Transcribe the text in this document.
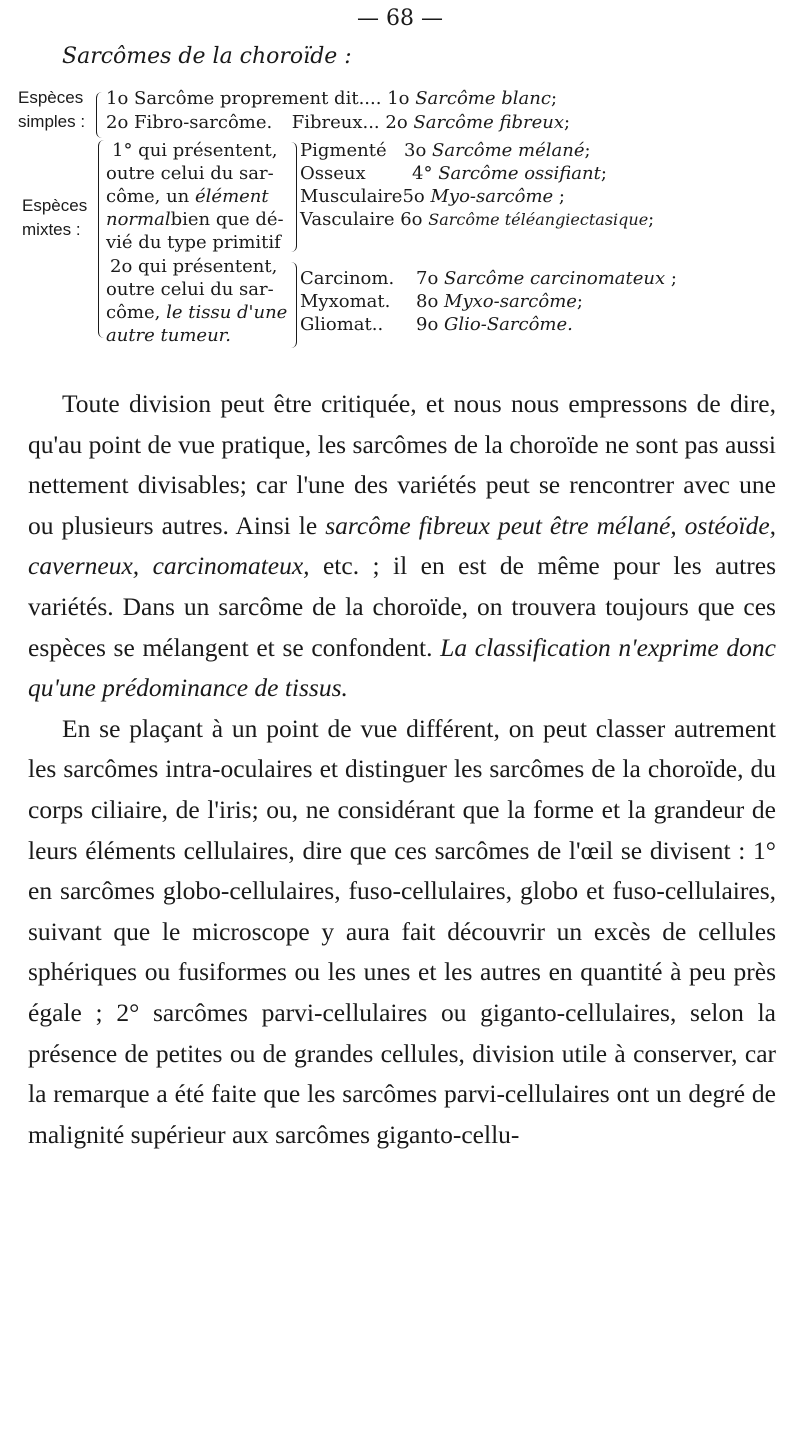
— 68 —
Sarcômes de la choroïde :
Espèces
simples :
1o Sarcôme proprement dit.... 1o Sarcôme blanc;
2o Fibro-sarcôme. Fibreux... 2o Sarcôme fibreux;
Espèces
mixtes :
1° qui présentent,
outre celui du sar-
côme, un élément
normalbien que dé-
vié du type primitif
Pigmenté 3o Sarcôme mélané;
Osseux	4° Sarcôme ossifiant;
Musculaire5o Myo-sarcôme ;
Vasculaire 6o Sarcôme téléangiectasique;
2o qui présentent,
outre celui du sar-
côme, le tissu d'une
autre tumeur.
Carcinom. 7o Sarcôme carcinomateux ;
Myxomat. 8o Myxo-sarcôme;
Gliomat.. 9o Glio-Sarcôme.

Toute division peut être critiquée, et nous nous empressons de dire, qu'au point de vue pratique, les sarcômes de la choroïde ne sont pas aussi nettement divisables; car l'une des variétés peut se rencontrer avec une ou plusieurs autres. Ainsi le sarcôme fibreux peut être mélané, ostéoïde, caverneux, carcinomateux, etc. ; il en est de même pour les autres variétés. Dans un sarcôme de la choroïde, on trouvera toujours que ces espèces se mélangent et se confondent. La classification n'exprime donc qu'une prédominance de tissus.

En se plaçant à un point de vue différent, on peut classer autrement les sarcômes intra-oculaires et distinguer les sarcômes de la choroïde, du corps ciliaire, de l'iris; ou, ne considérant que la forme et la grandeur de leurs éléments cellulaires, dire que ces sarcômes de l'œil se divisent : 1° en sarcômes globo-cellulaires, fuso-cellulaires, globo et fuso-cellulaires, suivant que le microscope y aura fait découvrir un excès de cellules sphériques ou fusiformes ou les unes et les autres en quantité à peu près égale ; 2° sarcômes parvi-cellulaires ou giganto-cellulaires, selon la présence de petites ou de grandes cellules, division utile à conserver, car la remarque a été faite que les sarcômes parvi-cellulaires ont un degré de malignité supérieur aux sarcômes giganto-cellu-
